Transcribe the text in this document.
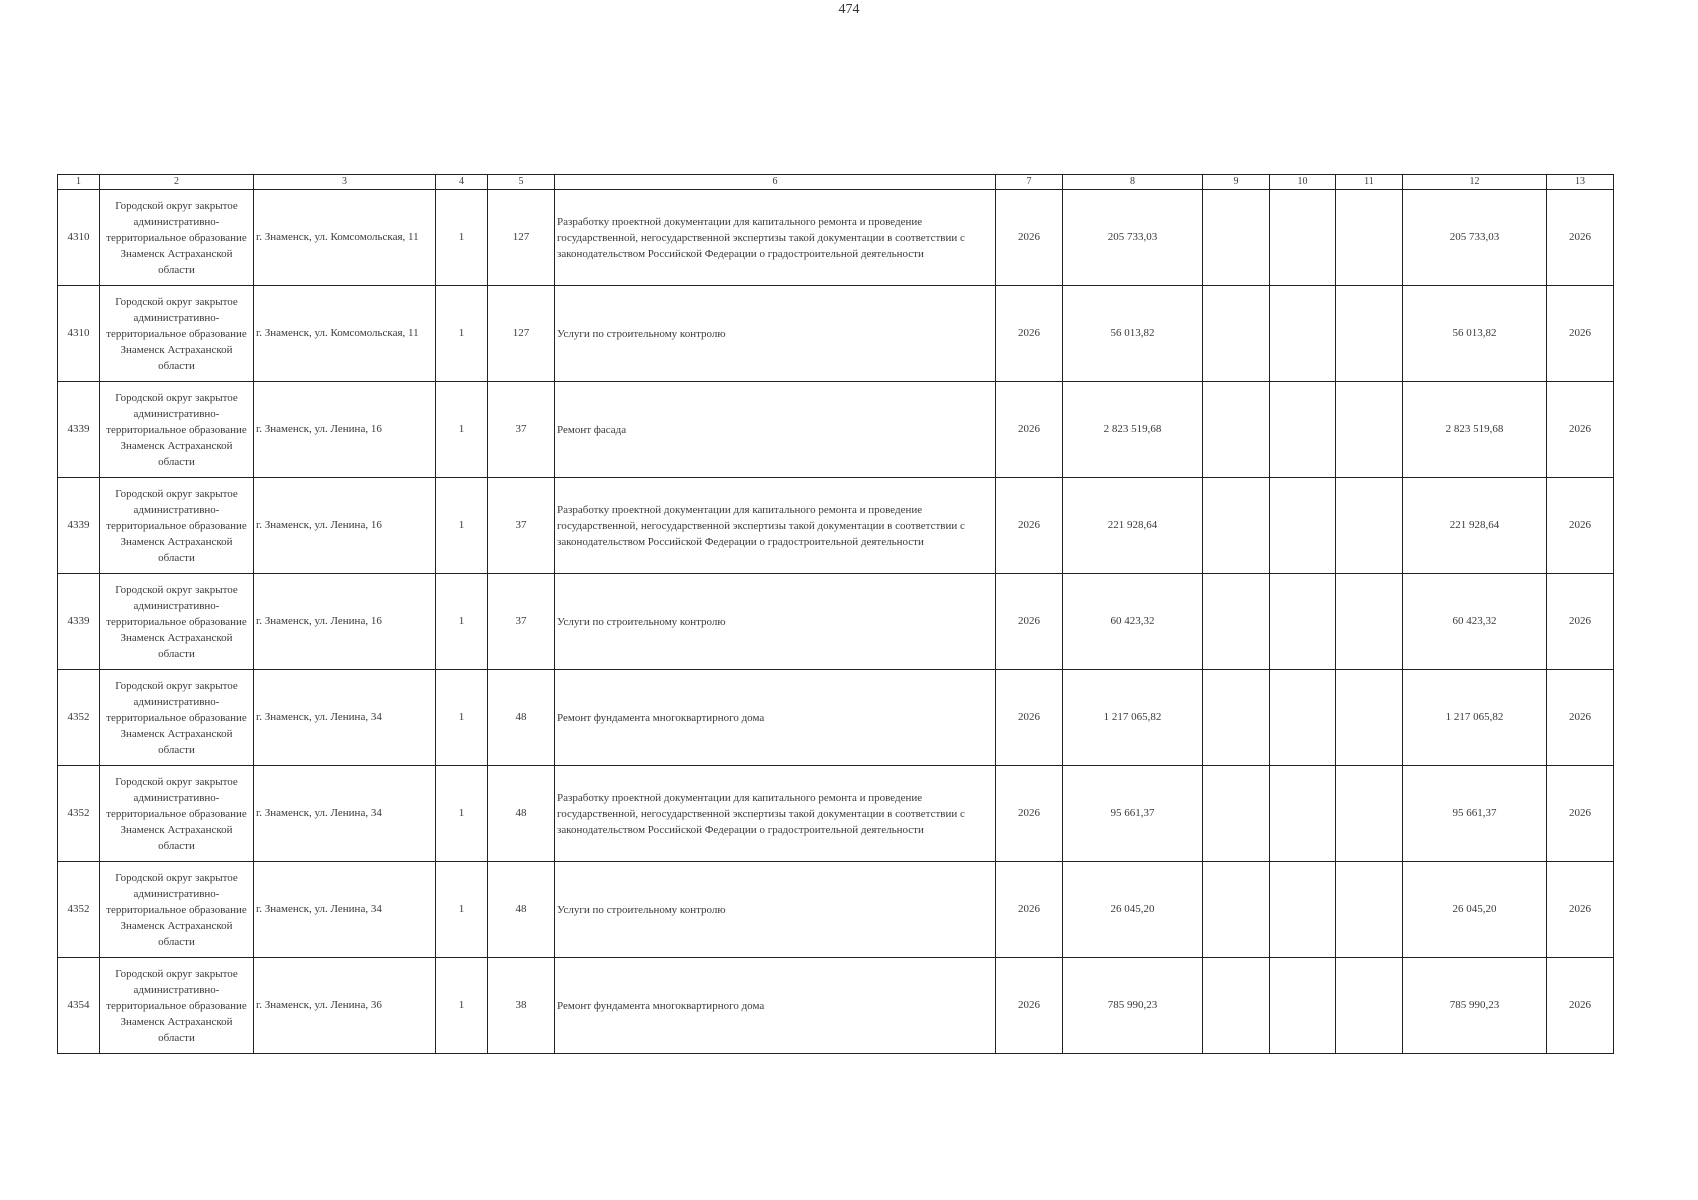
474
1	2	3	4	5	6	7	8	9	10	11	12	13
4310	Городской округ закрытое административно-территориальное образование Знаменск Астраханской области	г. Знаменск, ул. Комсомольская, 11	1	127	Разработку проектной документации для капитального ремонта и проведение государственной, негосударственной экспертизы такой документации в соответствии с законодательством Российской Федерации о градостроительной деятельности	2026	205 733,03				205 733,03	2026
4310	Городской округ закрытое административно-территориальное образование Знаменск Астраханской области	г. Знаменск, ул. Комсомольская, 11	1	127	Услуги по строительному контролю	2026	56 013,82				56 013,82	2026
4339	Городской округ закрытое административно-территориальное образование Знаменск Астраханской области	г. Знаменск, ул. Ленина, 16	1	37	Ремонт фасада	2026	2 823 519,68				2 823 519,68	2026
4339	Городской округ закрытое административно-территориальное образование Знаменск Астраханской области	г. Знаменск, ул. Ленина, 16	1	37	Разработку проектной документации для капитального ремонта и проведение государственной, негосударственной экспертизы такой документации в соответствии с законодательством Российской Федерации о градостроительной деятельности	2026	221 928,64				221 928,64	2026
4339	Городской округ закрытое административно-территориальное образование Знаменск Астраханской области	г. Знаменск, ул. Ленина, 16	1	37	Услуги по строительному контролю	2026	60 423,32				60 423,32	2026
4352	Городской округ закрытое административно-территориальное образование Знаменск Астраханской области	г. Знаменск, ул. Ленина, 34	1	48	Ремонт фундамента многоквартирного дома	2026	1 217 065,82				1 217 065,82	2026
4352	Городской округ закрытое административно-территориальное образование Знаменск Астраханской области	г. Знаменск, ул. Ленина, 34	1	48	Разработку проектной документации для капитального ремонта и проведение государственной, негосударственной экспертизы такой документации в соответствии с законодательством Российской Федерации о градостроительной деятельности	2026	95 661,37				95 661,37	2026
4352	Городской округ закрытое административно-территориальное образование Знаменск Астраханской области	г. Знаменск, ул. Ленина, 34	1	48	Услуги по строительному контролю	2026	26 045,20				26 045,20	2026
4354	Городской округ закрытое административно-территориальное образование Знаменск Астраханской области	г. Знаменск, ул. Ленина, 36	1	38	Ремонт фундамента многоквартирного дома	2026	785 990,23				785 990,23	2026
